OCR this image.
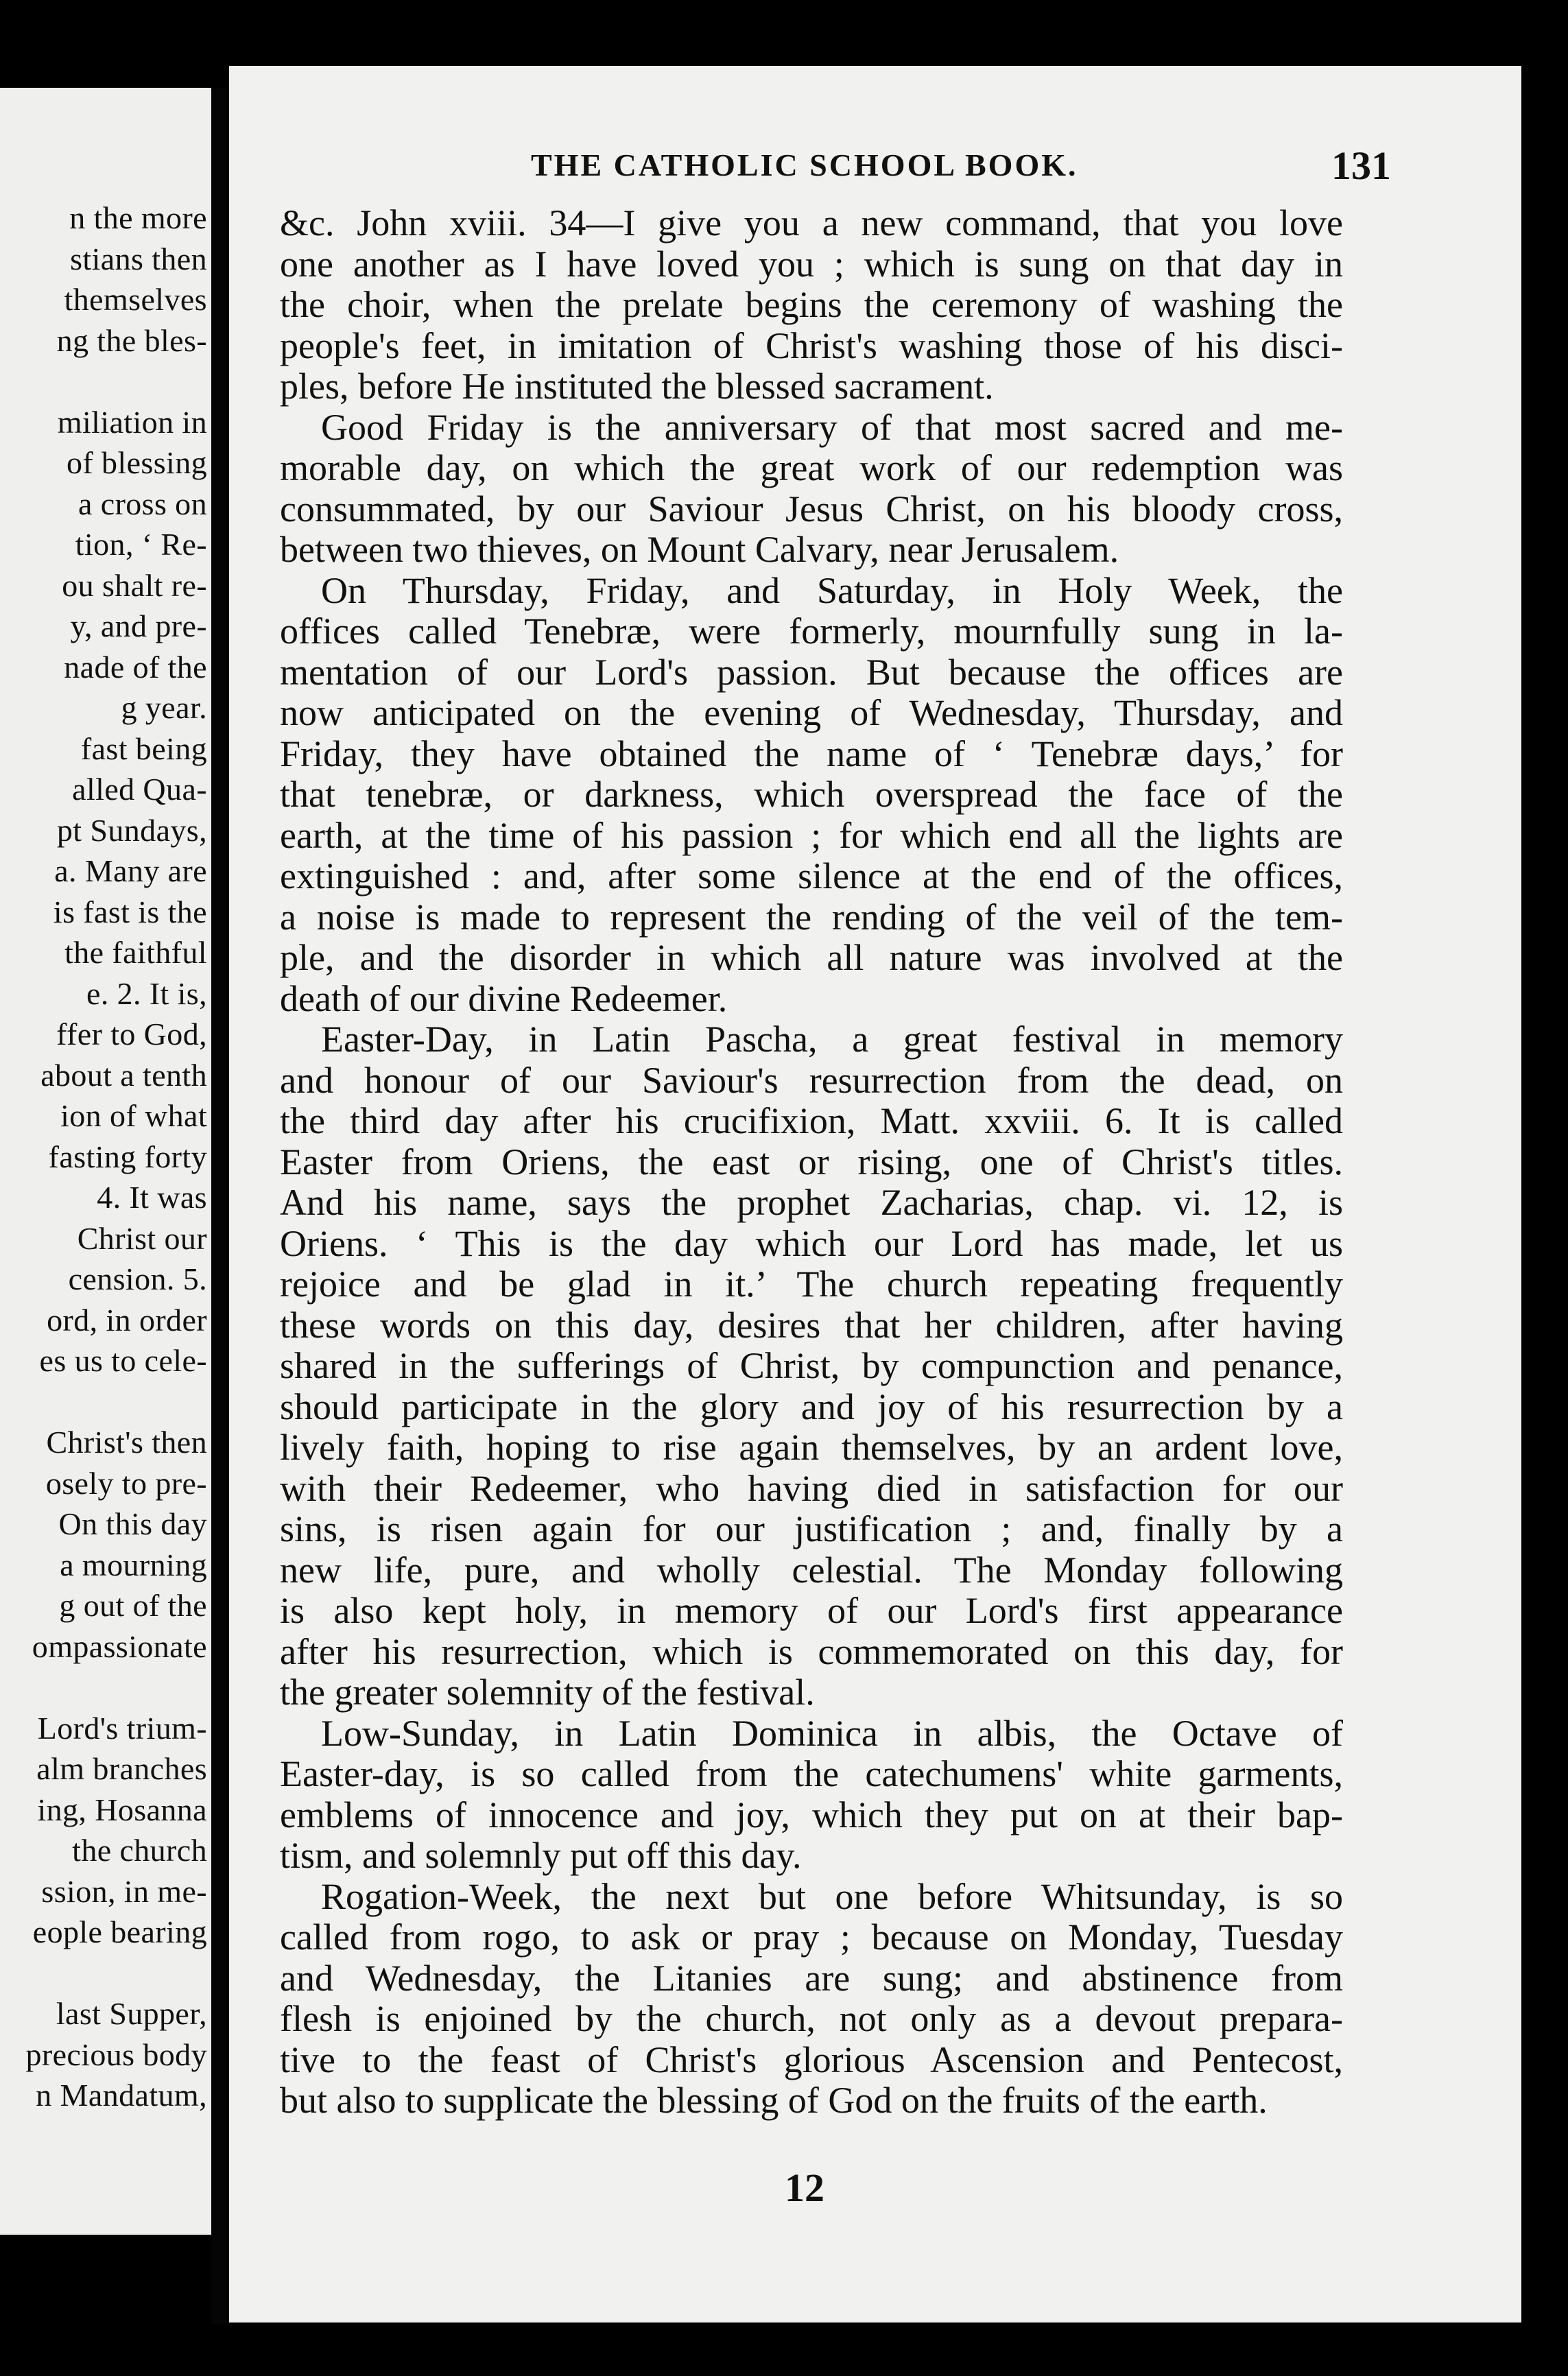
n the more
stians then
themselves
ng the bles-
miliation in
of blessing
a cross on
tion, ‘ Re-
ou shalt re-
y, and pre-
nade of the
g year.
fast being
alled Qua-
pt Sundays,
a. Many are
is fast is the
the faithful
e. 2. It is,
ffer to God,
about a tenth
ion of what
fasting forty
4. It was
Christ our
cension. 5.
ord, in order
es us to cele-
Christ's then
osely to pre-
On this day
a mourning
g out of the
ompassionate
Lord's trium-
alm branches
ing, Hosanna
the church
ssion, in me-
eople bearing
last Supper,
precious body
n Mandatum,
THE CATHOLIC SCHOOL BOOK.	131

&c. John xviii. 34—I give you a new command, that you love
one another as I have loved you ; which is sung on that day in
the choir, when the prelate begins the ceremony of washing the
people's feet, in imitation of Christ's washing those of his disci-
ples, before He instituted the blessed sacrament.

Good Friday is the anniversary of that most sacred and me-
morable day, on which the great work of our redemption was
consummated, by our Saviour Jesus Christ, on his bloody cross,
between two thieves, on Mount Calvary, near Jerusalem.

On Thursday, Friday, and Saturday, in Holy Week, the
offices called Tenebræ, were formerly, mournfully sung in la-
mentation of our Lord's passion. But because the offices are
now anticipated on the evening of Wednesday, Thursday, and
Friday, they have obtained the name of ‘ Tenebræ days,’ for
that tenebræ, or darkness, which overspread the face of the
earth, at the time of his passion ; for which end all the lights are
extinguished : and, after some silence at the end of the offices,
a noise is made to represent the rending of the veil of the tem-
ple, and the disorder in which all nature was involved at the
death of our divine Redeemer.

Easter-Day, in Latin Pascha, a great festival in memory
and honour of our Saviour's resurrection from the dead, on
the third day after his crucifixion, Matt. xxviii. 6. It is called
Easter from Oriens, the east or rising, one of Christ's titles.
And his name, says the prophet Zacharias, chap. vi. 12, is
Oriens. ‘ This is the day which our Lord has made, let us
rejoice and be glad in it.’ The church repeating frequently
these words on this day, desires that her children, after having
shared in the sufferings of Christ, by compunction and penance,
should participate in the glory and joy of his resurrection by a
lively faith, hoping to rise again themselves, by an ardent love,
with their Redeemer, who having died in satisfaction for our
sins, is risen again for our justification ; and, finally by a
new life, pure, and wholly celestial. The Monday following
is also kept holy, in memory of our Lord's first appearance
after his resurrection, which is commemorated on this day, for
the greater solemnity of the festival.

Low-Sunday, in Latin Dominica in albis, the Octave of
Easter-day, is so called from the catechumens' white garments,
emblems of innocence and joy, which they put on at their bap-
tism, and solemnly put off this day.

Rogation-Week, the next but one before Whitsunday, is so
called from rogo, to ask or pray ; because on Monday, Tuesday
and Wednesday, the Litanies are sung; and abstinence from
flesh is enjoined by the church, not only as a devout prepara-
tive to the feast of Christ's glorious Ascension and Pentecost,
but also to supplicate the blessing of God on the fruits of the earth.

12
